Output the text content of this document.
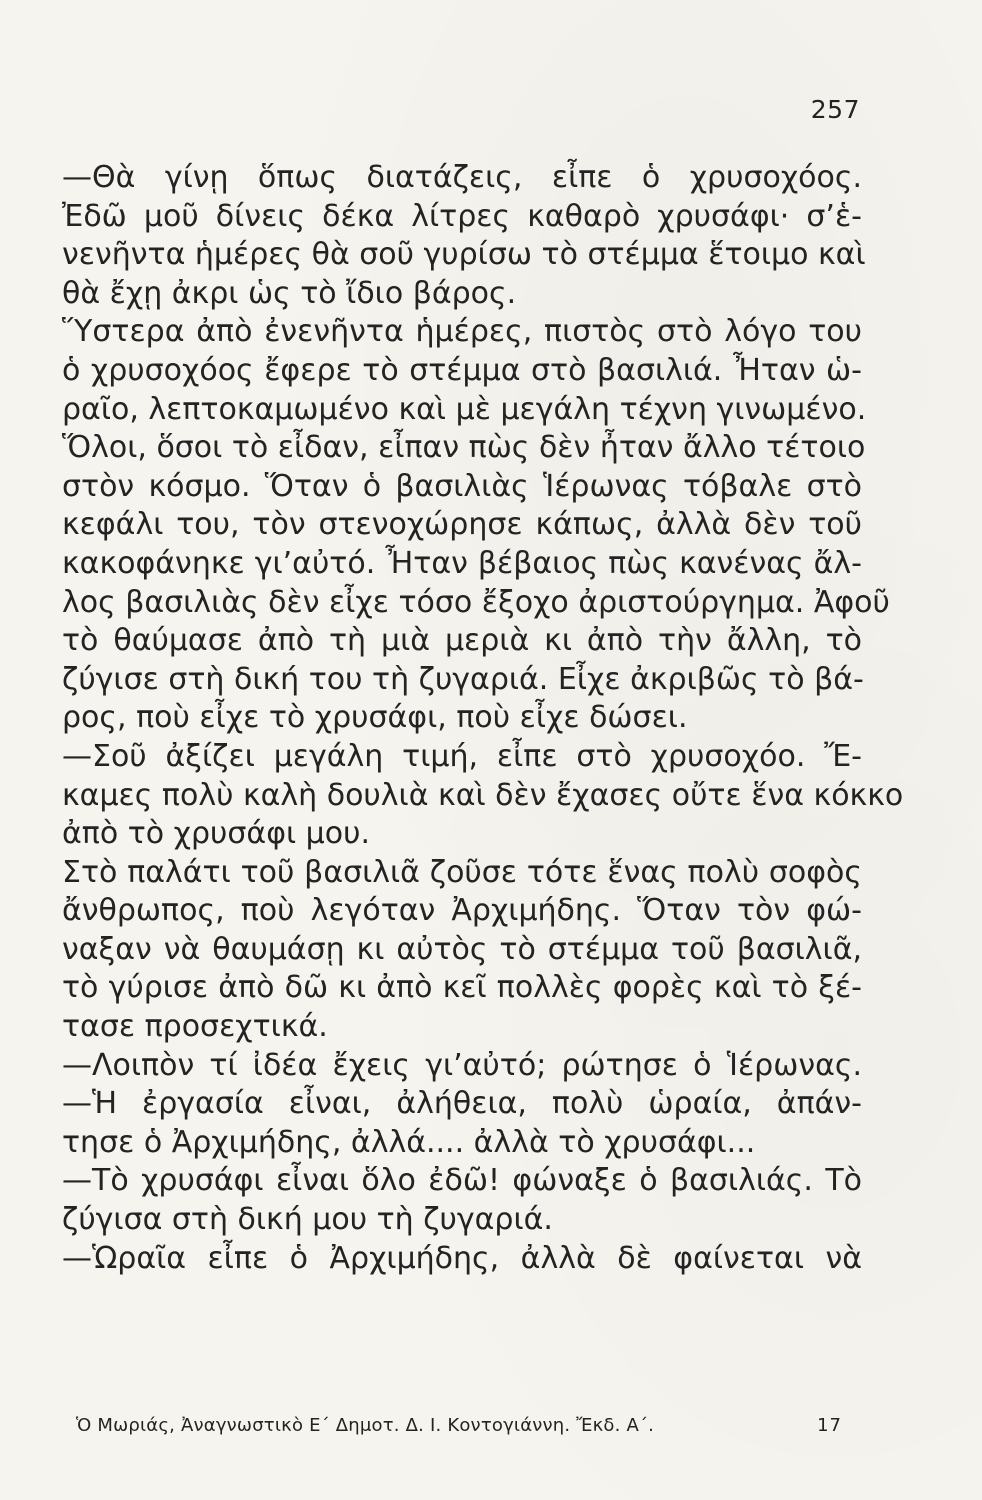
257
—Θὰ γίνῃ ὅπως διατάζεις, εἶπε ὁ χρυσοχόος.
Ἐδῶ μοῦ δίνεις δέκα λίτρες καθαρὸ χρυσάφι· σ’ἑ-
νενῆντα ἡμέρες θὰ σοῦ γυρίσω τὸ στέμμα ἕτοιμο καὶ
θὰ ἔχῃ ἀκρι ὡς τὸ ἴδιο βάρος.
Ὕστερα ἀπὸ ἐνενῆντα ἡμέρες, πιστὸς στὸ λόγο του
ὁ χρυσοχόος ἔφερε τὸ στέμμα στὸ βασιλιά. Ἦταν ὡ-
ραῖο, λεπτοκαμωμένο καὶ μὲ μεγάλη τέχνη γινωμένο.
Ὅλοι, ὅσοι τὸ εἶδαν, εἶπαν πὼς δὲν ἦταν ἄλλο τέτοιο
στὸν κόσμο. Ὅταν ὁ βασιλιὰς Ἱέρωνας τόβαλε στὸ
κεφάλι του, τὸν στενοχώρησε κάπως, ἀλλὰ δὲν τοῦ
κακοφάνηκε γι’αὐτό. Ἦταν βέβαιος πὼς κανένας ἄλ-
λος βασιλιὰς δὲν εἶχε τόσο ἔξοχο ἀριστούργημα. Ἀφοῦ
τὸ θαύμασε ἀπὸ τὴ μιὰ μεριὰ κι ἀπὸ τὴν ἄλλη, τὸ
ζύγισε στὴ δική του τὴ ζυγαριά. Εἶχε ἀκριβῶς τὸ βά-
ρος, ποὺ εἶχε τὸ χρυσάφι, ποὺ εἶχε δώσει.
—Σοῦ ἀξίζει μεγάλη τιμή, εἶπε στὸ χρυσοχόο. Ἔ-
καμες πολὺ καλὴ δουλιὰ καὶ δὲν ἔχασες οὔτε ἕνα κόκκο
ἀπὸ τὸ χρυσάφι μου.
Στὸ παλάτι τοῦ βασιλιᾶ ζοῦσε τότε ἕνας πολὺ σοφὸς
ἄνθρωπος, ποὺ λεγόταν Ἀρχιμήδης. Ὅταν τὸν φώ-
ναξαν νὰ θαυμάσῃ κι αὐτὸς τὸ στέμμα τοῦ βασιλιᾶ,
τὸ γύρισε ἀπὸ δῶ κι ἀπὸ κεῖ πολλὲς φορὲς καὶ τὸ ξέ-
τασε προσεχτικά.
—Λοιπὸν τί ἰδέα ἔχεις γι’αὐτό; ρώτησε ὁ Ἱέρωνας.
—Ἡ ἐργασία εἶναι, ἀλήθεια, πολὺ ὡραία, ἀπάν-
τησε ὁ Ἀρχιμήδης, ἀλλά.... ἀλλὰ τὸ χρυσάφι...
—Τὸ χρυσάφι εἶναι ὅλο ἐδῶ! φώναξε ὁ βασιλιάς. Τὸ
ζύγισα στὴ δική μου τὴ ζυγαριά.
—Ὡραῖα εἶπε ὁ Ἀρχιμήδης, ἀλλὰ δὲ φαίνεται νὰ
Ὁ Μωριάς, Ἀναγνωστικὸ Ε΄ Δημοτ. Δ. Ι. Κοντογιάννη. Ἔκδ. Α΄.	17
